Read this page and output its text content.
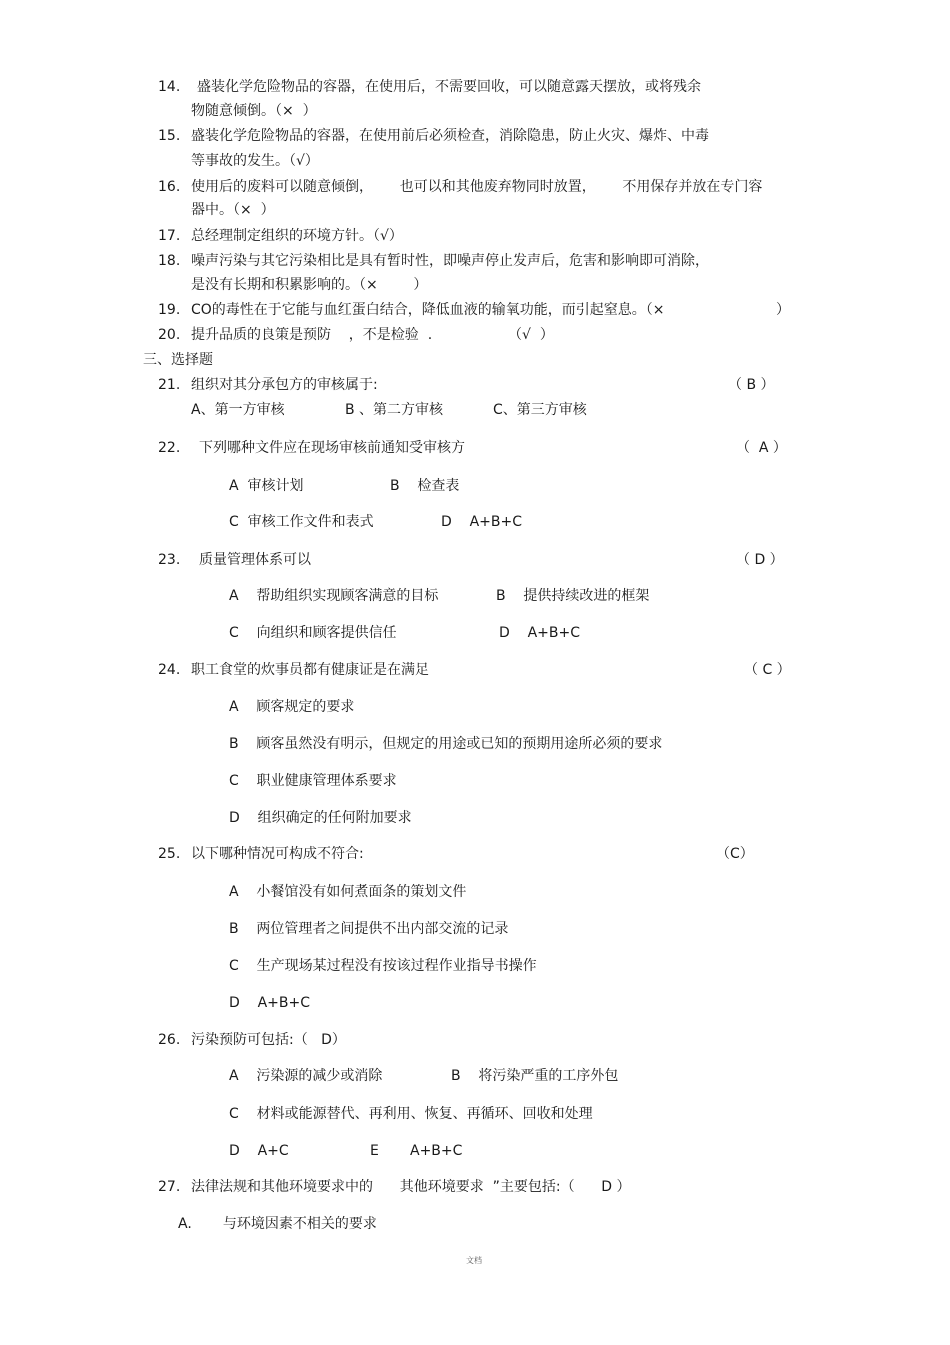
14. 盛装化学危险物品的容器，在使用后，不需要回收，可以随意露天摆放，或将残余
物随意倾倒。（×  ）
15. 盛装化学危险物品的容器，在使用前后必须检查，消除隐患，防止火灾、爆炸、中毒
等事故的发生。（√）
16. 使用后的废料可以随意倾倒，      也可以和其他废弃物同时放置，      不用保存并放在专门容
器中。（×  ）
17. 总经理制定组织的环境方针。（√）
18. 噪声污染与其它污染相比是具有暂时性，即噪声停止发声后，危害和影响即可消除，
是没有长期和积累影响的。（×        ）
19. CO的毒性在于它能与血红蛋白结合，降低血液的输氧功能，而引起窒息。（×	）
20. 提升品质的良策是预防    ，不是检验  .	（√  ）
三、选择题
21. 组织对其分承包方的审核属于:	（ B ）
A、第一方审核	B 、第二方审核	C、第三方审核
22. 下列哪种文件应在现场审核前通知受审核方	（  A ）
A  审核计划	B    检查表
C  审核工作文件和表式	D    A+B+C
23. 质量管理体系可以	（ D ）
A    帮助组织实现顾客满意的目标	B    提供持续改进的框架
C    向组织和顾客提供信任	D    A+B+C
24. 职工食堂的炊事员都有健康证是在满足	（ C ）
A    顾客规定的要求
B    顾客虽然没有明示，但规定的用途或已知的预期用途所必须的要求
C    职业健康管理体系要求
D    组织确定的任何附加要求
25. 以下哪种情况可构成不符合:	（C）
A    小餐馆没有如何煮面条的策划文件
B    两位管理者之间提供不出内部交流的记录
C    生产现场某过程没有按该过程作业指导书操作
D    A+B+C
26. 污染预防可包括:（   D）
A    污染源的减少或消除	B    将污染严重的工序外包
C    材料或能源替代、再利用、恢复、再循环、回收和处理
D    A+C	E       A+B+C
27. 法律法规和其他环境要求中的      其他环境要求  ”主要包括:（      D ）
A.       与环境因素不相关的要求
文档
